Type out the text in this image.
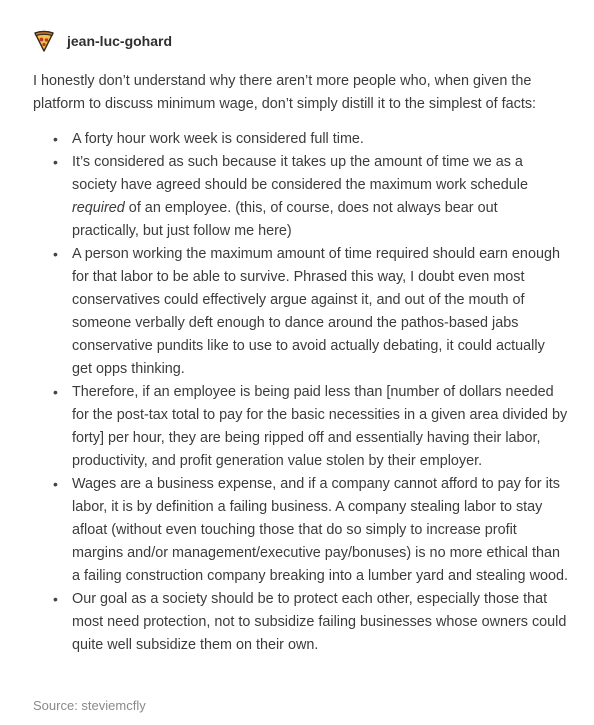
jean-luc-gohard

I honestly don’t understand why there aren’t more people who, when given the platform to discuss minimum wage, don’t simply distill it to the simplest of facts:

• A forty hour work week is considered full time.
• It’s considered as such because it takes up the amount of time we as a society have agreed should be considered the maximum work schedule required of an employee. (this, of course, does not always bear out practically, but just follow me here)
• A person working the maximum amount of time required should earn enough for that labor to be able to survive. Phrased this way, I doubt even most conservatives could effectively argue against it, and out of the mouth of someone verbally deft enough to dance around the pathos-based jabs conservative pundits like to use to avoid actually debating, it could actually get opps thinking.
• Therefore, if an employee is being paid less than [number of dollars needed for the post-tax total to pay for the basic necessities in a given area divided by forty] per hour, they are being ripped off and essentially having their labor, productivity, and profit generation value stolen by their employer.
• Wages are a business expense, and if a company cannot afford to pay for its labor, it is by definition a failing business. A company stealing labor to stay afloat (without even touching those that do so simply to increase profit margins and/or management/executive pay/bonuses) is no more ethical than a failing construction company breaking into a lumber yard and stealing wood.
• Our goal as a society should be to protect each other, especially those that most need protection, not to subsidize failing businesses whose owners could quite well subsidize them on their own.
Source: steviemcfly
